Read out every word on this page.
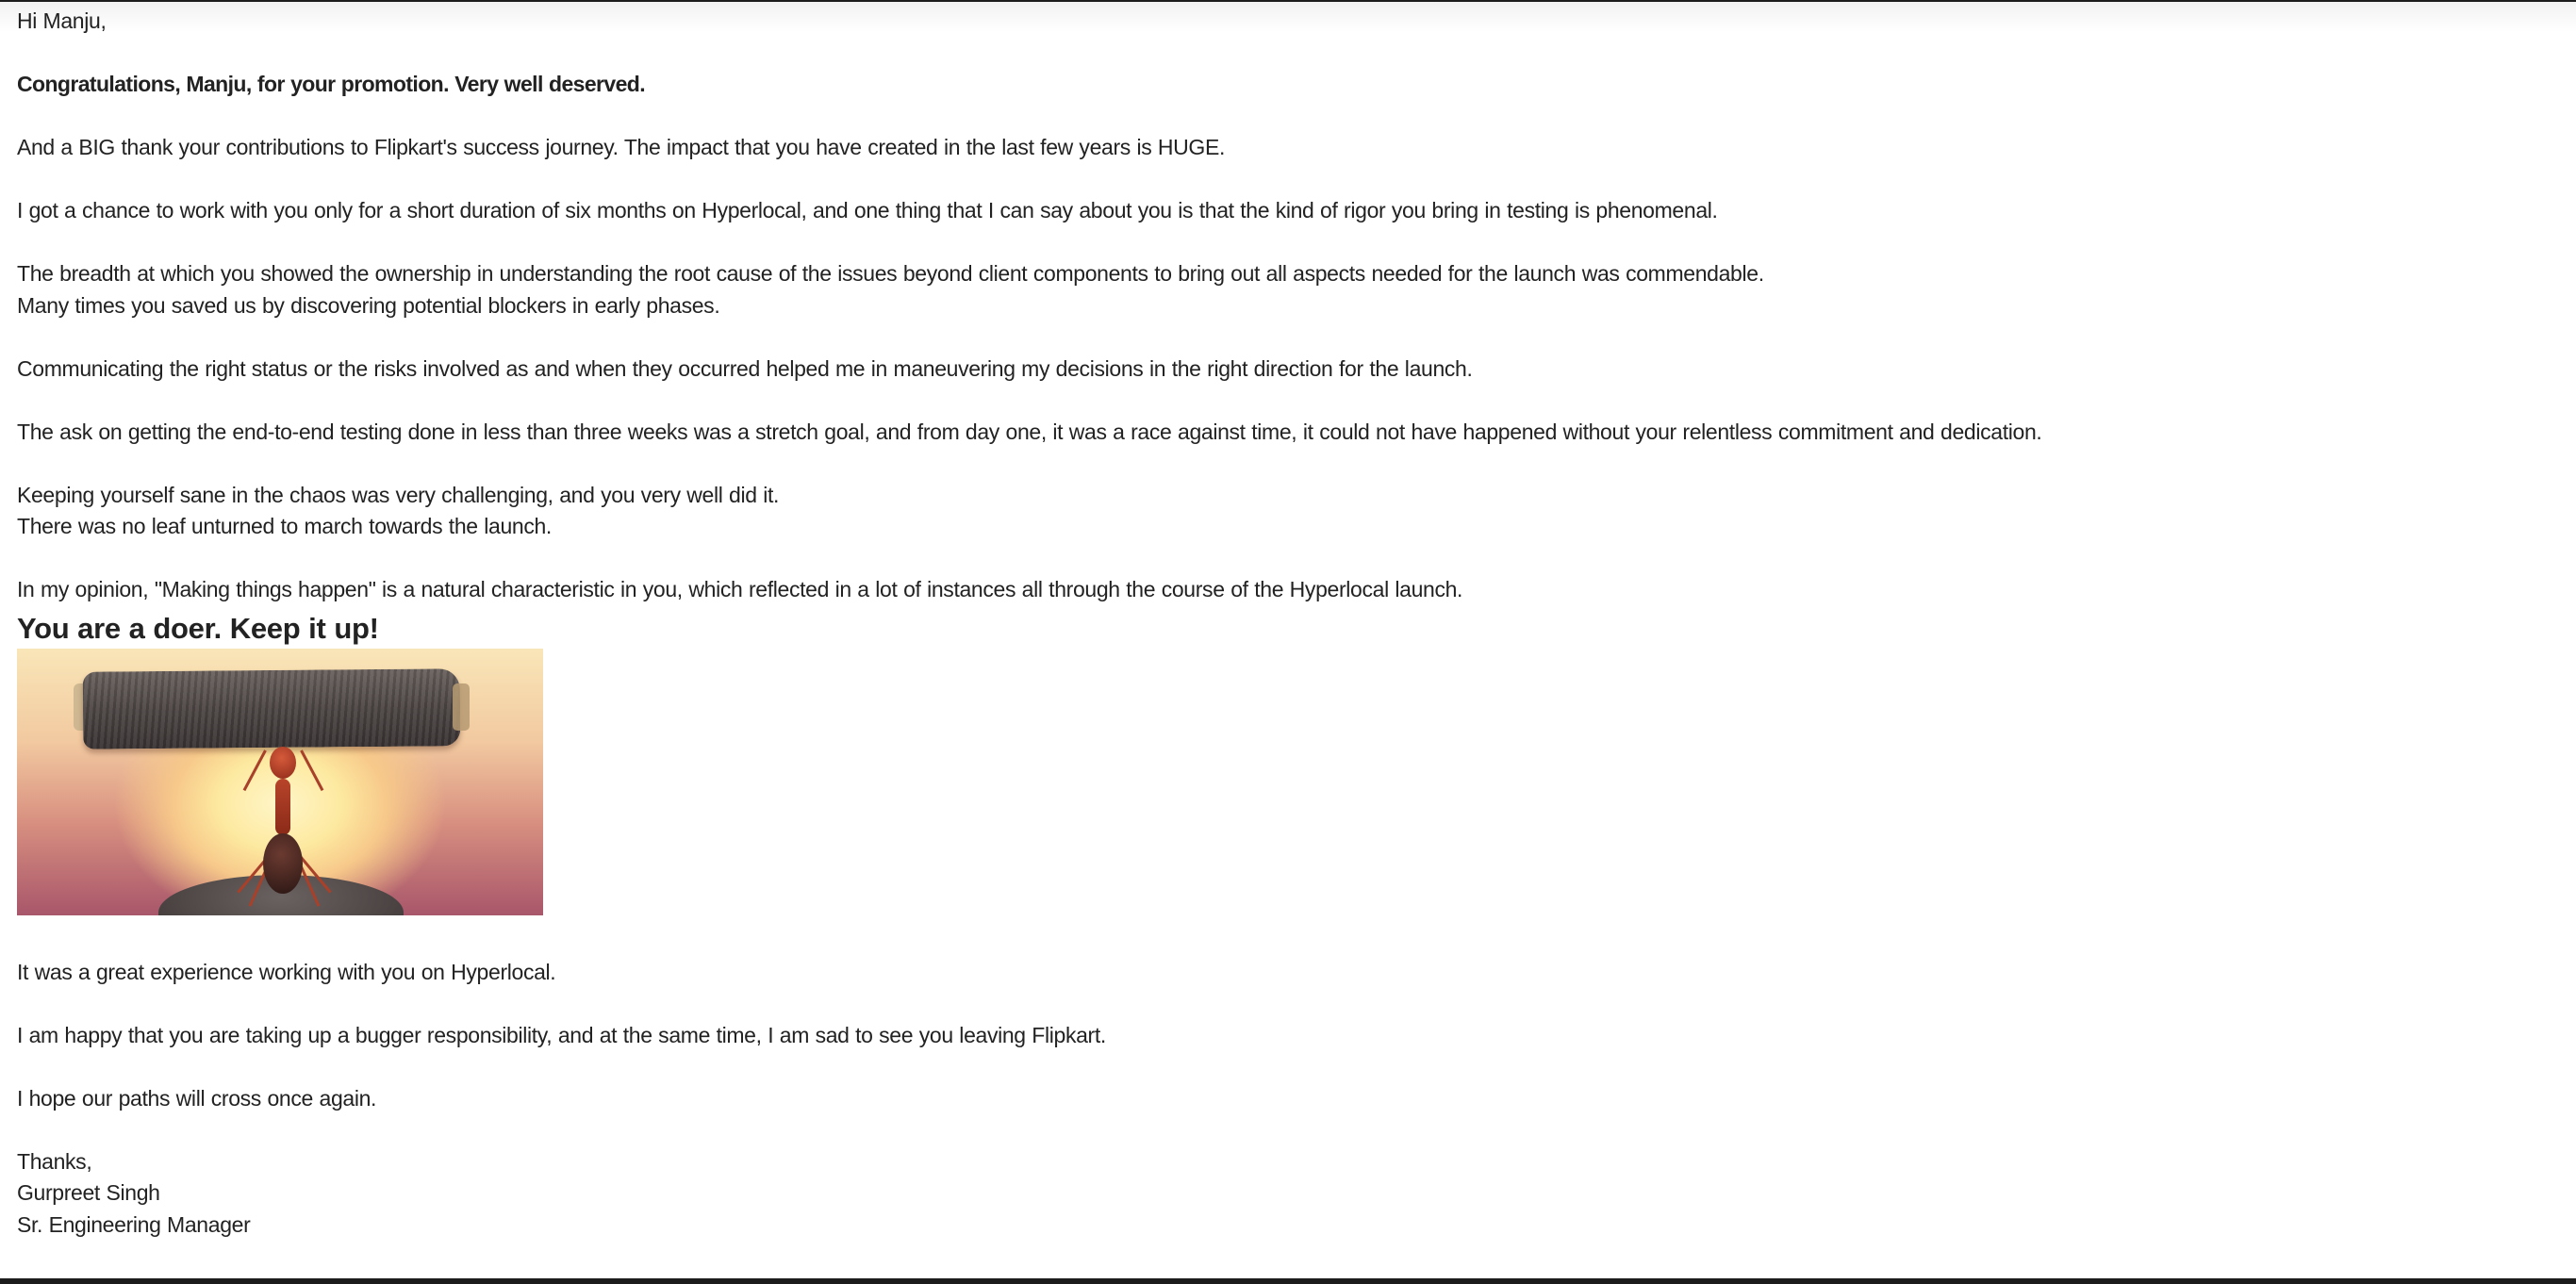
Hi Manju,
Congratulations, Manju, for your promotion. Very well deserved.
And a BIG thank your contributions to Flipkart's success journey. The impact that you have created in the last few years is HUGE.
I got a chance to work with you only for a short duration of six months on Hyperlocal, and one thing that I can say about you is that the kind of rigor you bring in testing is phenomenal.
The breadth at which you showed the ownership in understanding the root cause of the issues beyond client components to bring out all aspects needed for the launch was commendable.
Many times you saved us by discovering potential blockers in early phases.
Communicating the right status or the risks involved as and when they occurred helped me in maneuvering my decisions in the right direction for the launch.
The ask on getting the end-to-end testing done in less than three weeks was a stretch goal, and from day one, it was a race against time, it could not have happened without your relentless commitment and dedication.
Keeping yourself sane in the chaos was very challenging, and you very well did it.
There was no leaf unturned to march towards the launch.
In my opinion, "Making things happen" is a natural characteristic in you, which reflected in a lot of instances all through the course of the Hyperlocal launch.
You are a doer. Keep it up!
It was a great experience working with you on Hyperlocal.
I am happy that you are taking up a bugger responsibility, and at the same time, I am sad to see you leaving Flipkart.
I hope our paths will cross once again.
Thanks,
Gurpreet Singh
Sr. Engineering Manager
